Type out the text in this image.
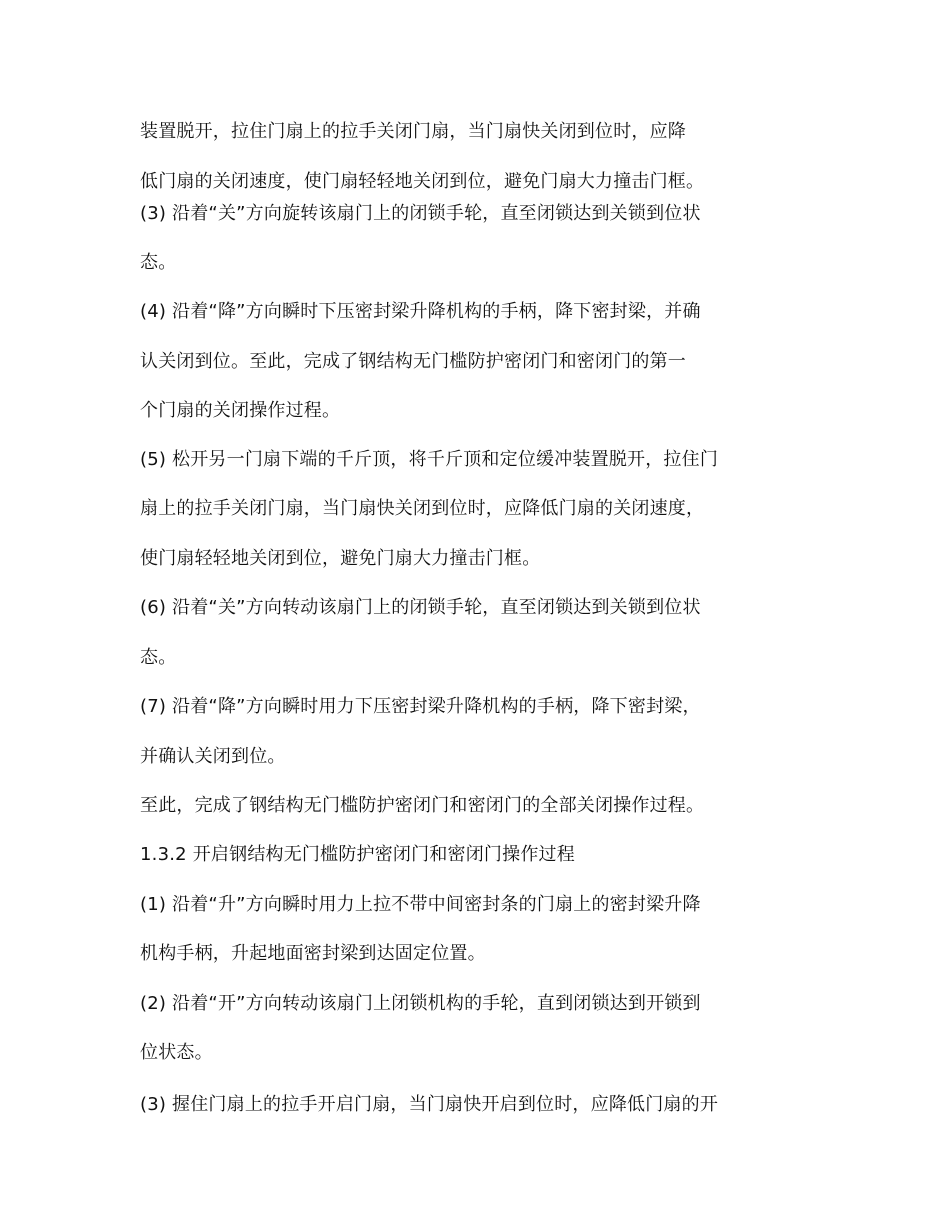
装置脱开，拉住门扇上的拉手关闭门扇，当门扇快关闭到位时，应降
低门扇的关闭速度，使门扇轻轻地关闭到位，避免门扇大力撞击门框。
(3) 沿着“关”方向旋转该扇门上的闭锁手轮，直至闭锁达到关锁到位状
态。
(4) 沿着“降”方向瞬时下压密封梁升降机构的手柄，降下密封梁，并确
认关闭到位。至此，完成了钢结构无门槛防护密闭门和密闭门的第一
个门扇的关闭操作过程。
(5) 松开另一门扇下端的千斤顶，将千斤顶和定位缓冲装置脱开，拉住门
扇上的拉手关闭门扇，当门扇快关闭到位时，应降低门扇的关闭速度，
使门扇轻轻地关闭到位，避免门扇大力撞击门框。
(6) 沿着“关”方向转动该扇门上的闭锁手轮，直至闭锁达到关锁到位状
态。
(7) 沿着“降”方向瞬时用力下压密封梁升降机构的手柄，降下密封梁，
并确认关闭到位。
至此，完成了钢结构无门槛防护密闭门和密闭门的全部关闭操作过程。
1.3.2 开启钢结构无门槛防护密闭门和密闭门操作过程
(1) 沿着“升”方向瞬时用力上拉不带中间密封条的门扇上的密封梁升降
机构手柄，升起地面密封梁到达固定位置。
(2) 沿着“开”方向转动该扇门上闭锁机构的手轮，直到闭锁达到开锁到
位状态。
(3) 握住门扇上的拉手开启门扇，当门扇快开启到位时，应降低门扇的开
